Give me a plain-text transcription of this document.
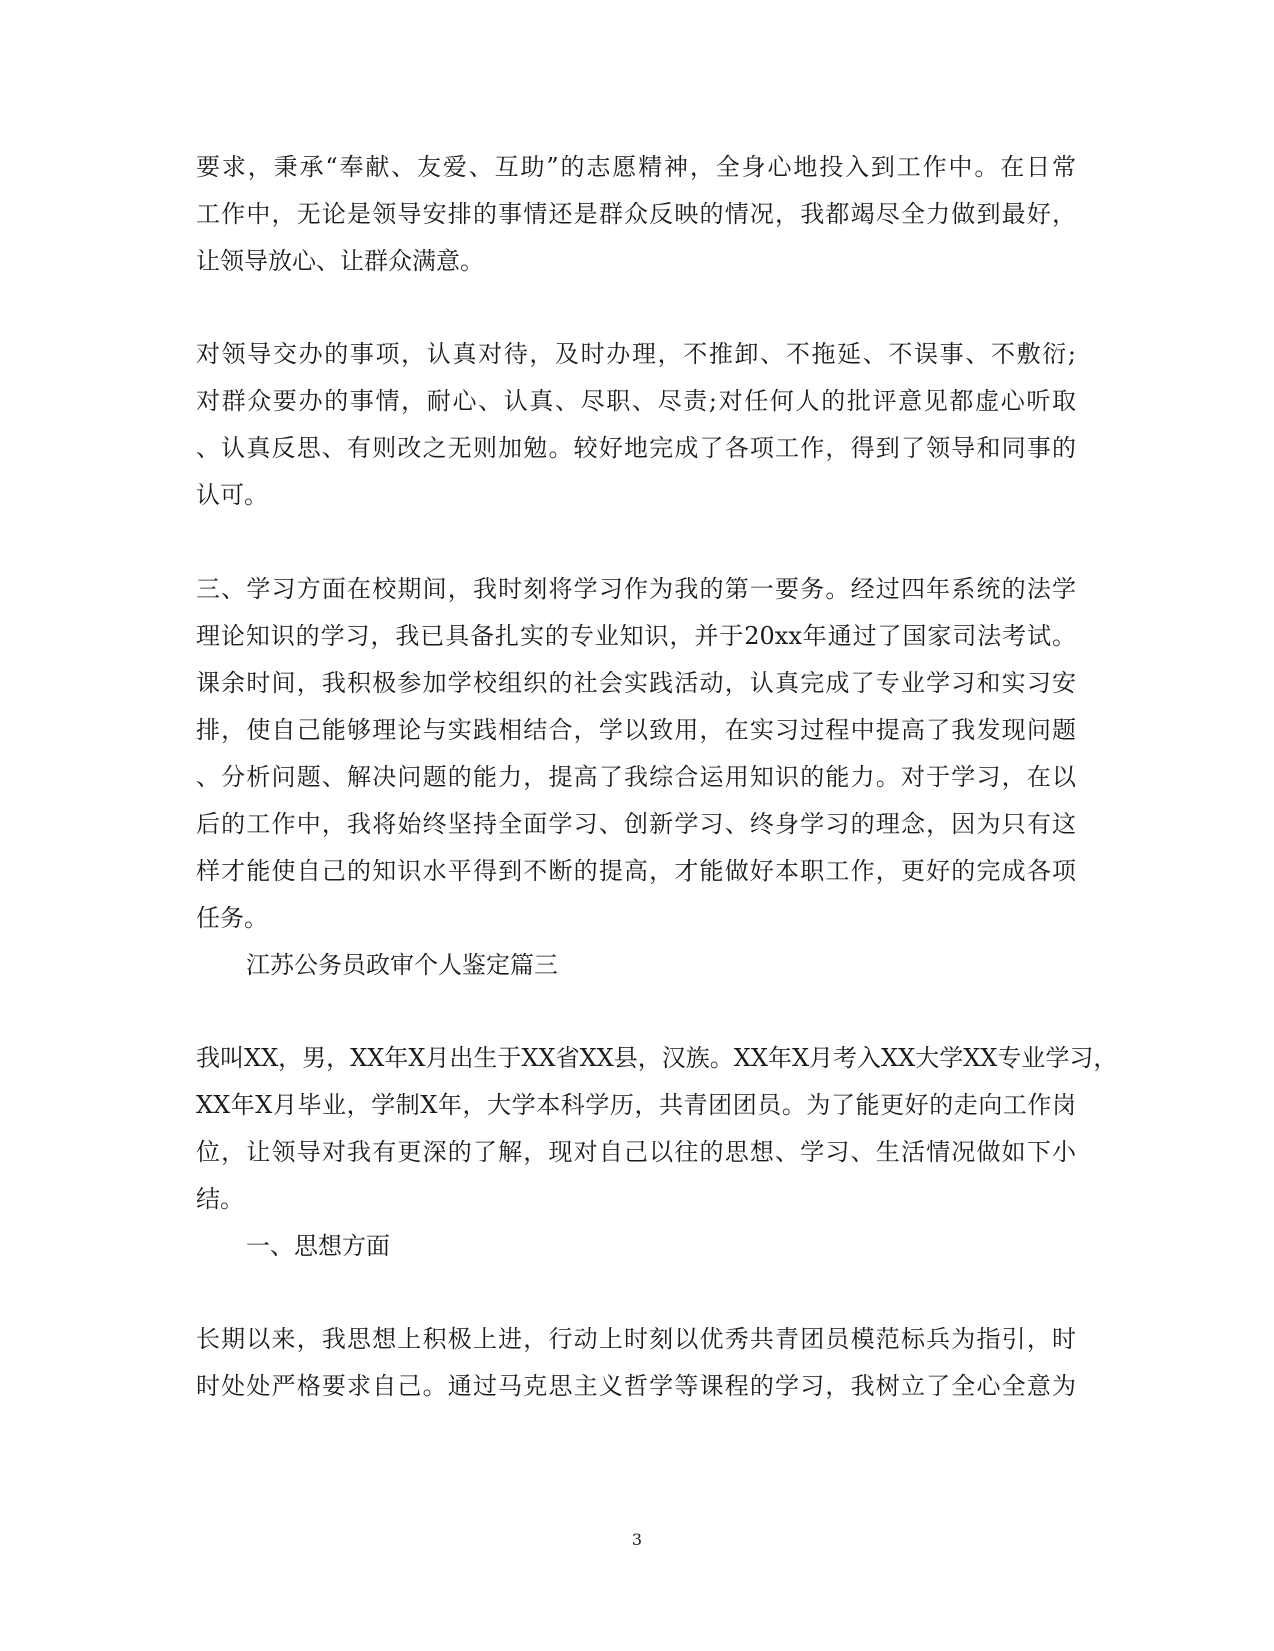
要求，秉承“奉献、友爱、互助”的志愿精神，全身心地投入到工作中。在日常
工作中，无论是领导安排的事情还是群众反映的情况，我都竭尽全力做到最好，
让领导放心、让群众满意。
对领导交办的事项，认真对待，及时办理，不推卸、不拖延、不误事、不敷衍;
对群众要办的事情，耐心、认真、尽职、尽责;对任何人的批评意见都虚心听取
、认真反思、有则改之无则加勉。较好地完成了各项工作，得到了领导和同事的
认可。
三、学习方面在校期间，我时刻将学习作为我的第一要务。经过四年系统的法学
理论知识的学习，我已具备扎实的专业知识，并于20xx年通过了国家司法考试。
课余时间，我积极参加学校组织的社会实践活动，认真完成了专业学习和实习安
排，使自己能够理论与实践相结合，学以致用，在实习过程中提高了我发现问题
、分析问题、解决问题的能力，提高了我综合运用知识的能力。对于学习，在以
后的工作中，我将始终坚持全面学习、创新学习、终身学习的理念，因为只有这
样才能使自己的知识水平得到不断的提高，才能做好本职工作，更好的完成各项
任务。
江苏公务员政审个人鉴定篇三
我叫XX，男，XX年X月出生于XX省XX县，汉族。XX年X月考入XX大学XX专业学习，
XX年X月毕业，学制X年，大学本科学历，共青团团员。为了能更好的走向工作岗
位，让领导对我有更深的了解，现对自己以往的思想、学习、生活情况做如下小
结。
一、思想方面
长期以来，我思想上积极上进，行动上时刻以优秀共青团员模范标兵为指引，时
时处处严格要求自己。通过马克思主义哲学等课程的学习，我树立了全心全意为
3
